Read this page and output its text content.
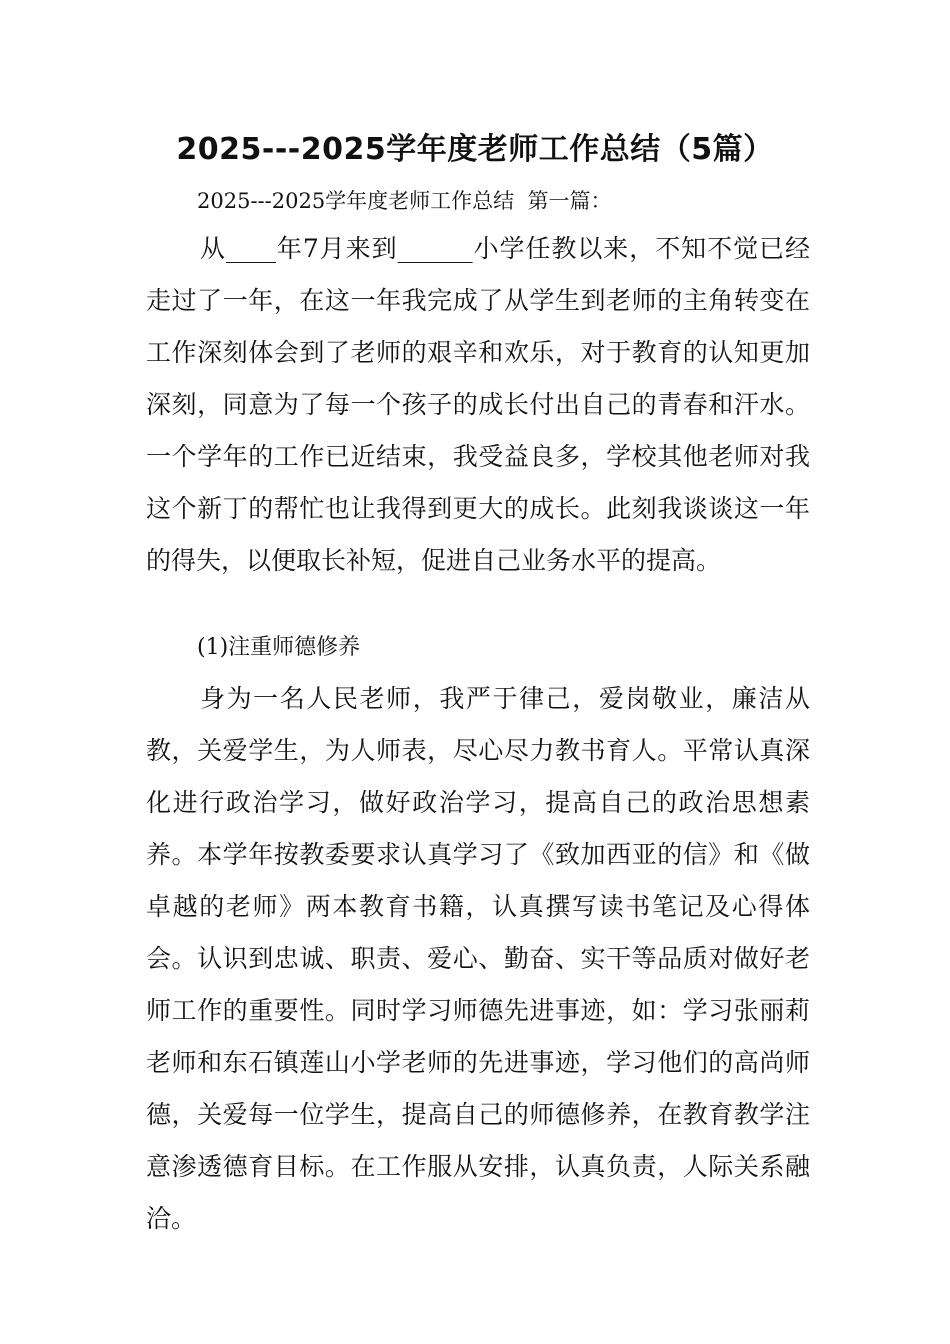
2025---2025学年度老师工作总结（5篇）
2025---2025学年度老师工作总结  第一篇：
从____年7月来到______小学任教以来，不知不觉已经走过了一年，在这一年我完成了从学生到老师的主角转变在工作深刻体会到了老师的艰辛和欢乐，对于教育的认知更加深刻，同意为了每一个孩子的成长付出自己的青春和汗水。一个学年的工作已近结束，我受益良多，学校其他老师对我这个新丁的帮忙也让我得到更大的成长。此刻我谈谈这一年的得失，以便取长补短，促进自己业务水平的提高。
(1)注重师德修养
身为一名人民老师，我严于律己，爱岗敬业，廉洁从教，关爱学生，为人师表，尽心尽力教书育人。平常认真深化进行政治学习，做好政治学习，提高自己的政治思想素养。本学年按教委要求认真学习了《致加西亚的信》和《做卓越的老师》两本教育书籍，认真撰写读书笔记及心得体会。认识到忠诚、职责、爱心、勤奋、实干等品质对做好老师工作的重要性。同时学习师德先进事迹，如：学习张丽莉老师和东石镇莲山小学老师的先进事迹，学习他们的高尚师德，关爱每一位学生，提高自己的师德修养，在教育教学注意渗透德育目标。在工作服从安排，认真负责，人际关系融洽。
